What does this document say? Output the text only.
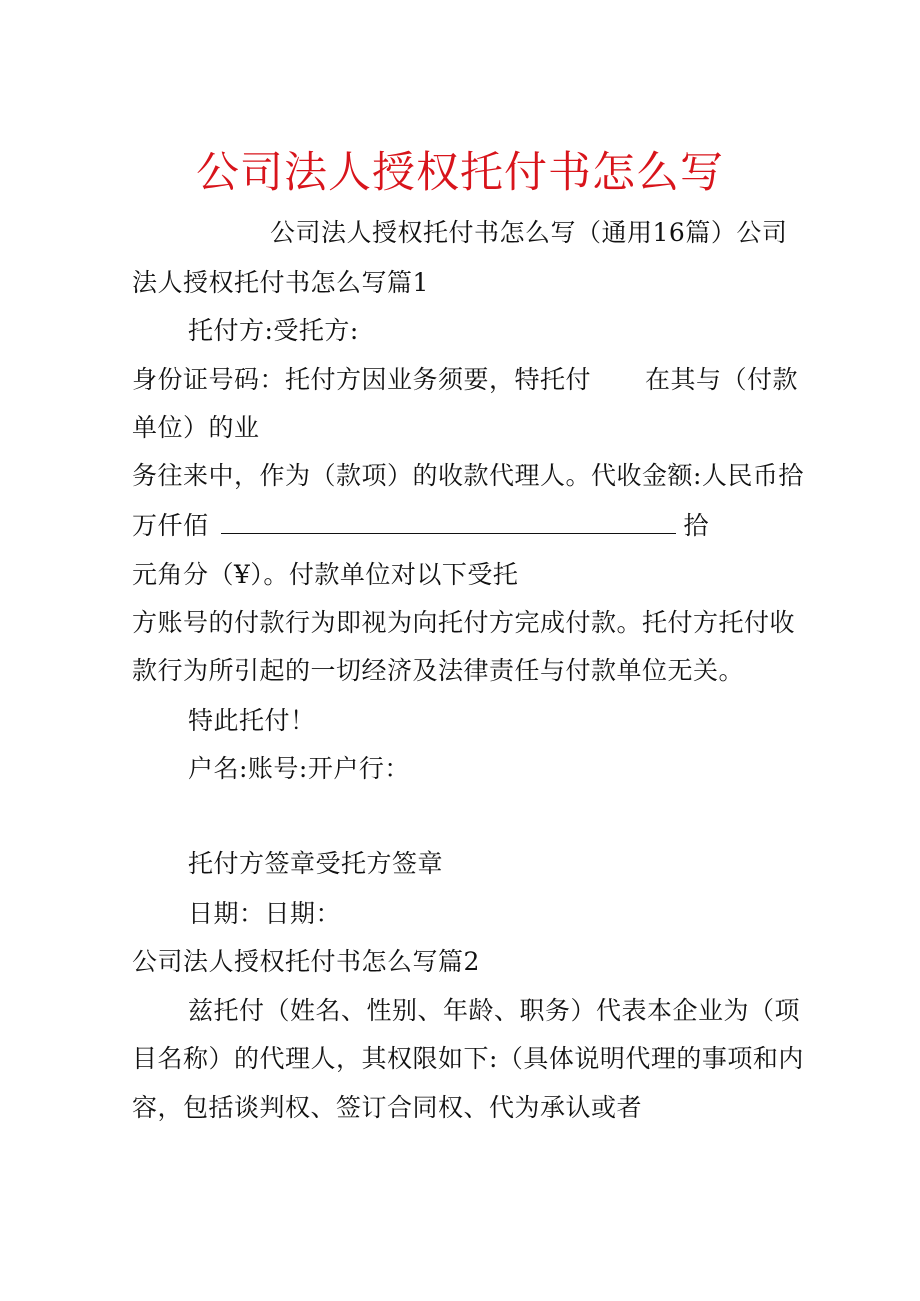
公司法人授权托付书怎么写
公司法人授权托付书怎么写（通用16篇）公司
法人授权托付书怎么写篇1
托付方:受托方:
身份证号码：托付方因业务须要，特托付 在其与（付款
单位）的业
务往来中，作为（款项）的收款代理人。代收金额:人民币拾
万仟佰	拾
元角分（¥）。付款单位对以下受托
方账号的付款行为即视为向托付方完成付款。托付方托付收
款行为所引起的一切经济及法律责任与付款单位无关。
特此托付！
户名:账号:开户行：
托付方签章受托方签章
日期：日期：
公司法人授权托付书怎么写篇2
兹托付（姓名、性别、年龄、职务）代表本企业为（项
目名称）的代理人，其权限如下:（具体说明代理的事项和内
容，包括谈判权、签订合同权、代为承认或者
